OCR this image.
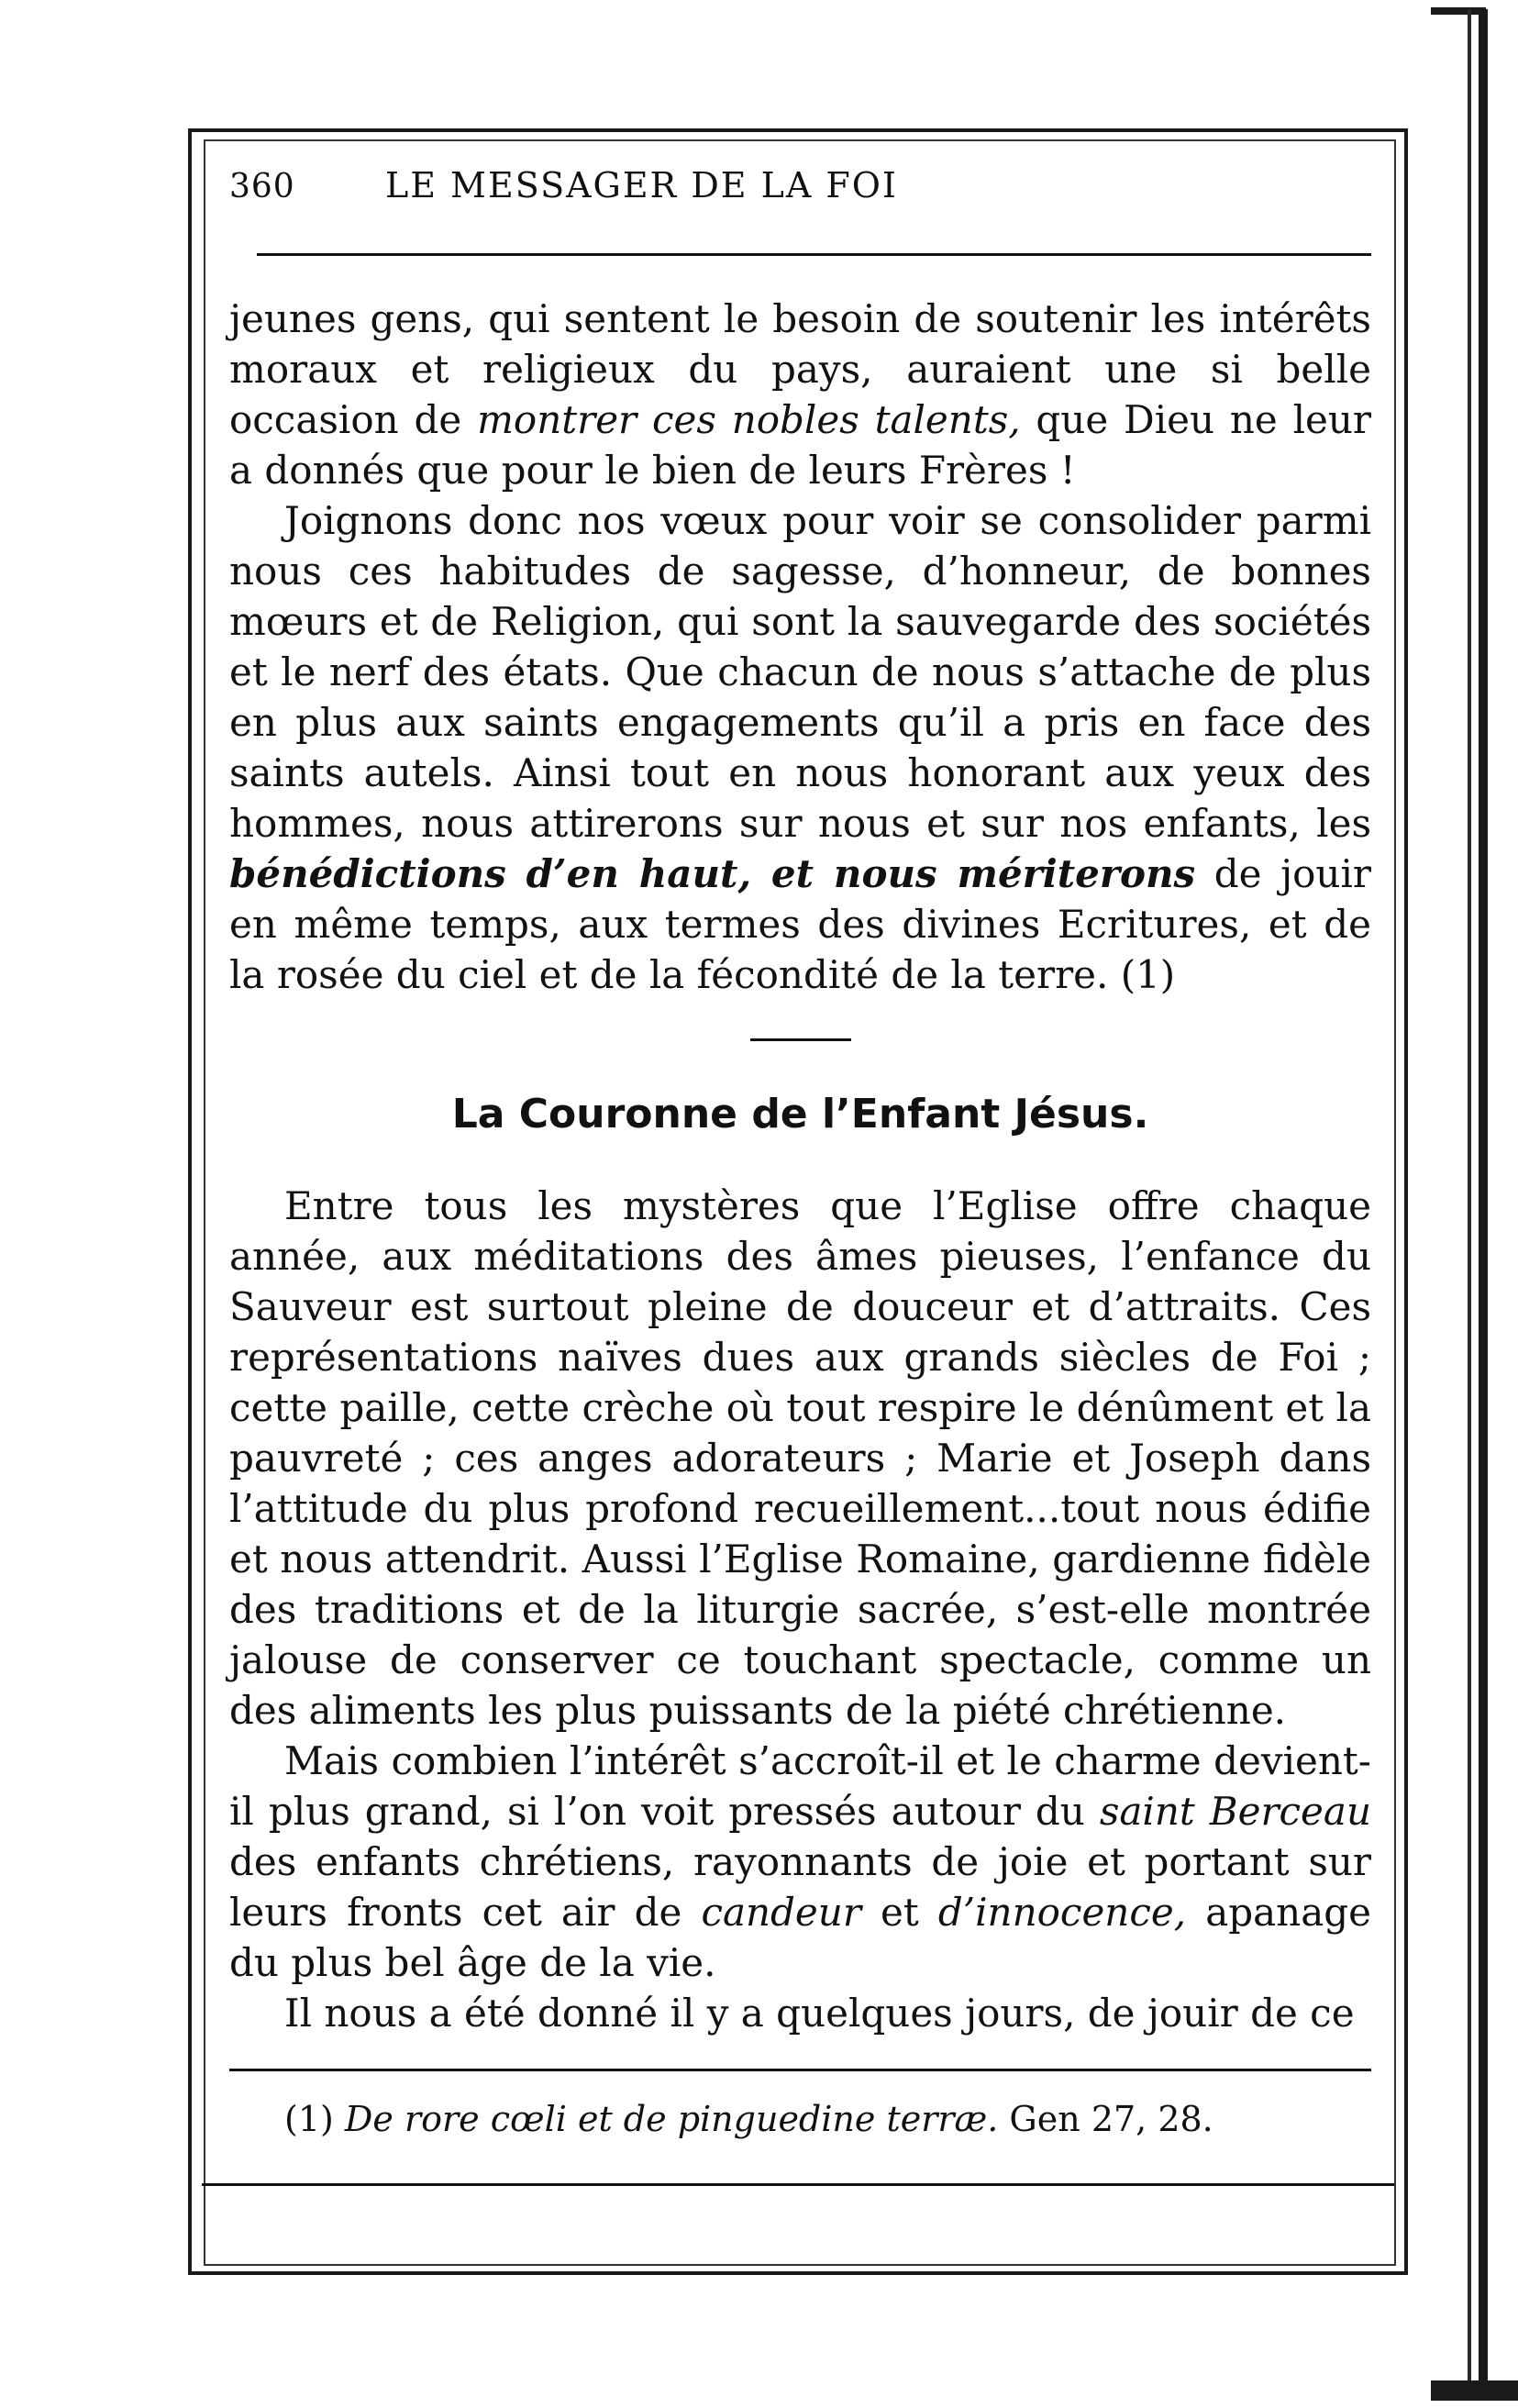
360	LE MESSAGER DE LA FOI

jeunes gens, qui sentent le besoin de soutenir les intérêts moraux et religieux du pays, auraient une si belle occasion de montrer ces nobles talents, que Dieu ne leur a donnés que pour le bien de leurs Frères !

Joignons donc nos vœux pour voir se consolider parmi nous ces habitudes de sagesse, d’honneur, de bonnes mœurs et de Religion, qui sont la sauvegarde des sociétés et le nerf des états. Que chacun de nous s’attache de plus en plus aux saints engagements qu’il a pris en face des saints autels. Ainsi tout en nous honorant aux yeux des hommes, nous attirerons sur nous et sur nos enfants, les bénédictions d’en haut, et nous mériterons de jouir en même temps, aux termes des divines Ecritures, et de la rosée du ciel et de la fécondité de la terre. (1)

La Couronne de l’Enfant Jésus.

Entre tous les mystères que l’Eglise offre chaque année, aux méditations des âmes pieuses, l’enfance du Sauveur est surtout pleine de douceur et d’attraits. Ces représentations naïves dues aux grands siècles de Foi ; cette paille, cette crèche où tout respire le dénûment et la pauvreté ; ces anges adorateurs ; Marie et Joseph dans l’attitude du plus profond recueillement...tout nous édifie et nous attendrit. Aussi l’Eglise Romaine, gardienne fidèle des traditions et de la liturgie sacrée, s’est-elle montrée jalouse de conserver ce touchant spectacle, comme un des aliments les plus puissants de la piété chrétienne.

Mais combien l’intérêt s’accroît-il et le charme devient-il plus grand, si l’on voit pressés autour du saint Berceau des enfants chrétiens, rayonnants de joie et portant sur leurs fronts cet air de candeur et d’innocence, apanage du plus bel âge de la vie.

Il nous a été donné il y a quelques jours, de jouir de ce

(1) De rore cœli et de pinguedine terræ. Gen 27, 28.
